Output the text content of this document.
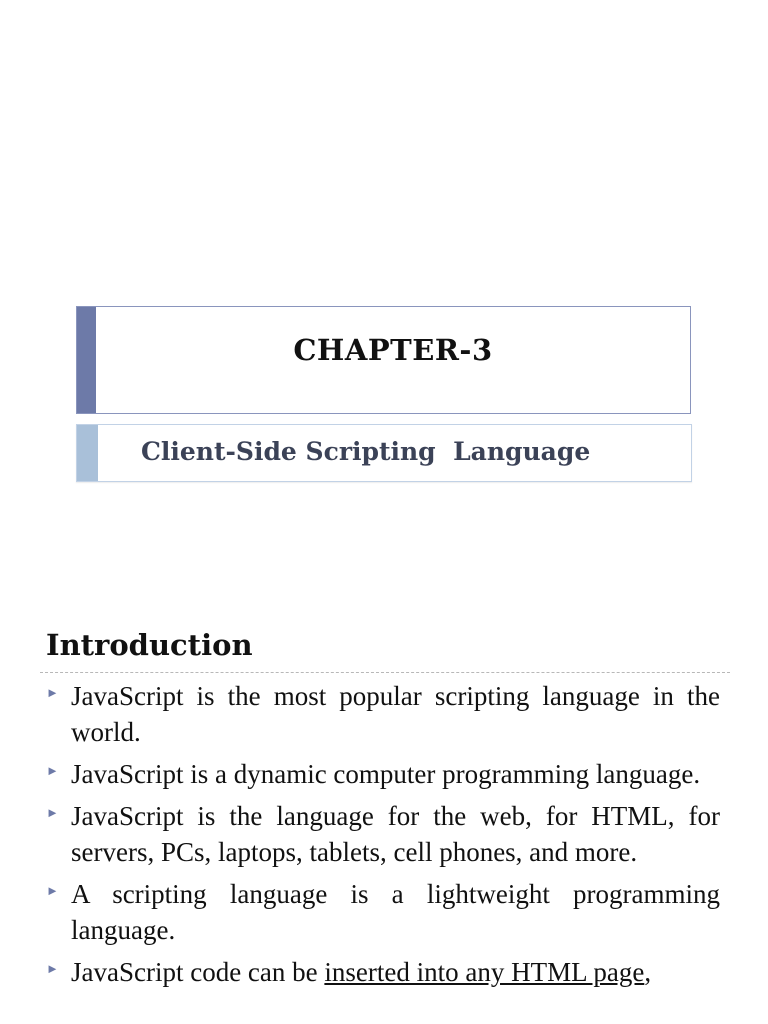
CHAPTER-3
Client-Side Scripting  Language
Introduction
► JavaScript is the most popular scripting language in the world.
► JavaScript is a dynamic computer programming language.
► JavaScript is the language for the web, for HTML, for servers, PCs, laptops, tablets, cell phones, and more.
► A scripting language is a lightweight programming language.
► JavaScript code can be inserted into any HTML page,
